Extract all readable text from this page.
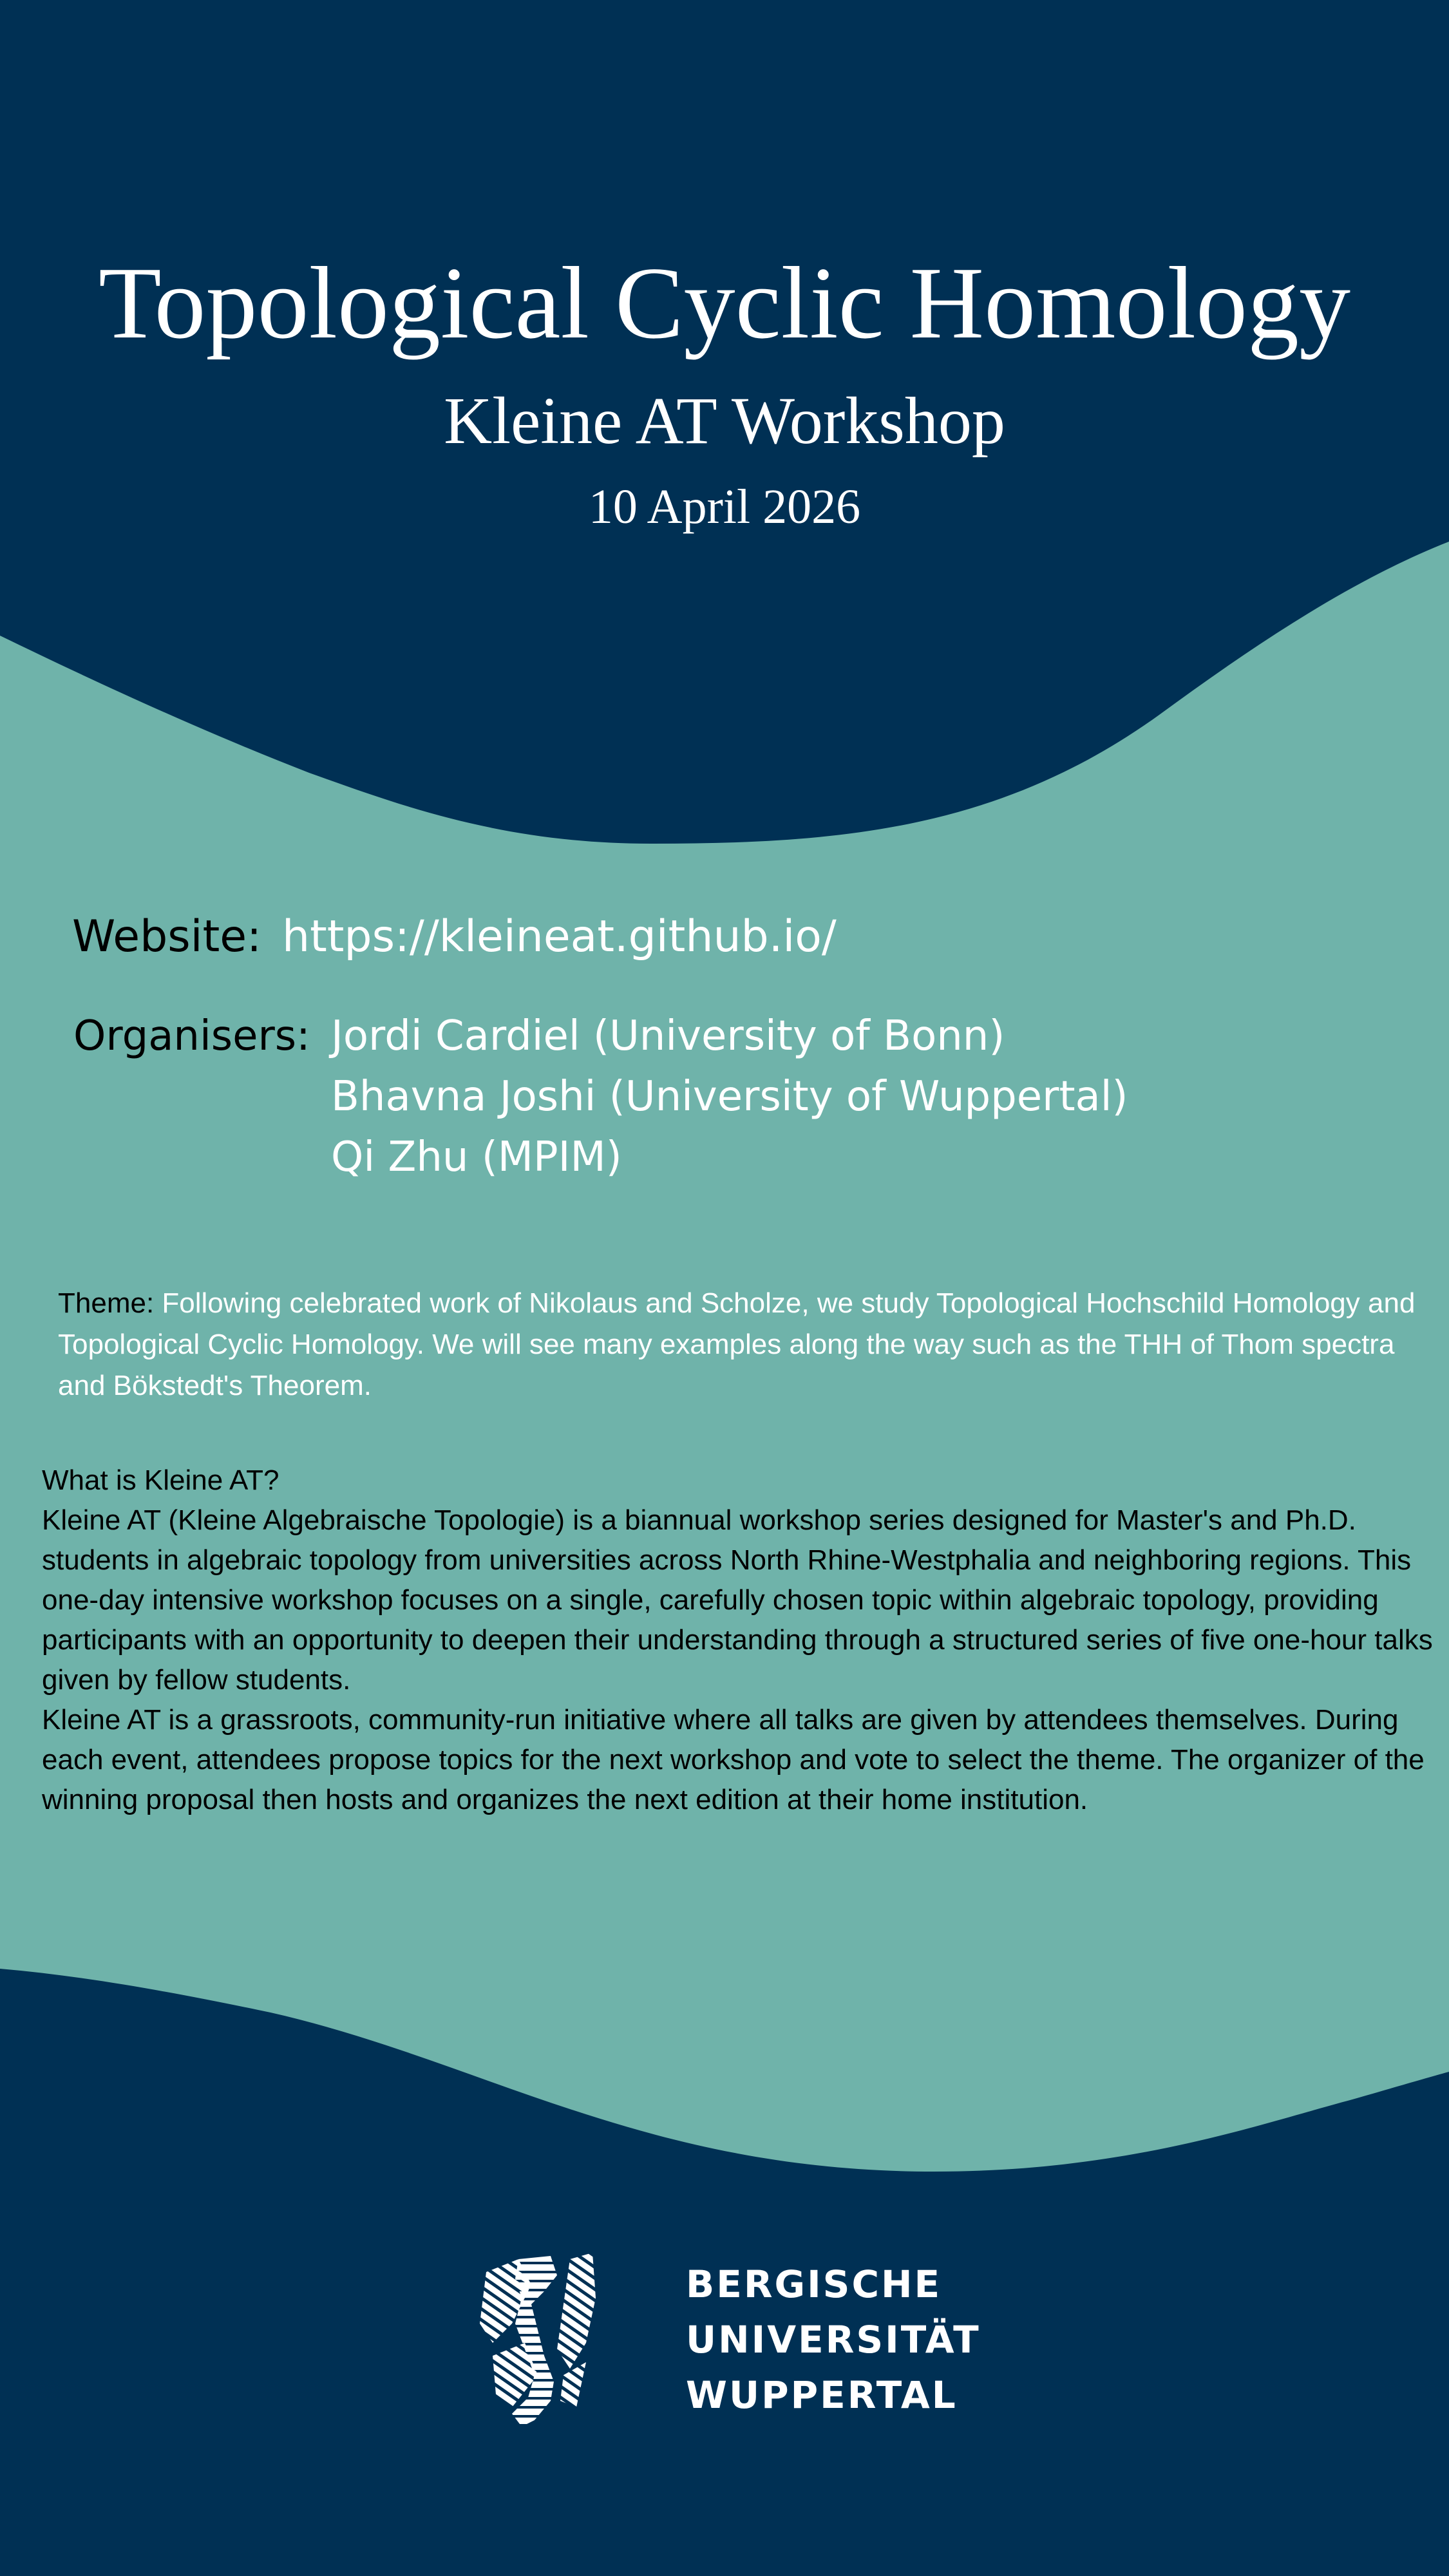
Topological Cyclic Homology
Kleine AT Workshop
10 April 2026
Website: https://kleineat.github.io/
Organisers: Jordi Cardiel (University of Bonn)
Bhavna Joshi (University of Wuppertal)
Qi Zhu (MPIM)
Theme: Following celebrated work of Nikolaus and Scholze, we study Topological Hochschild Homology and Topological Cyclic Homology. We will see many examples along the way such as the THH of Thom spectra and Bökstedt's Theorem.

What is Kleine AT?

Kleine AT (Kleine Algebraische Topologie) is a biannual workshop series designed for Master's and Ph.D. students in algebraic topology from universities across North Rhine-Westphalia and neighboring regions. This one-day intensive workshop focuses on a single, carefully chosen topic within algebraic topology, providing participants with an opportunity to deepen their understanding through a structured series of five one-hour talks given by fellow students.

Kleine AT is a grassroots, community-run initiative where all talks are given by attendees themselves. During each event, attendees propose topics for the next workshop and vote to select the theme. The organizer of the winning proposal then hosts and organizes the next edition at their home institution.

BERGISCHE
UNIVERSITÄT
WUPPERTAL
